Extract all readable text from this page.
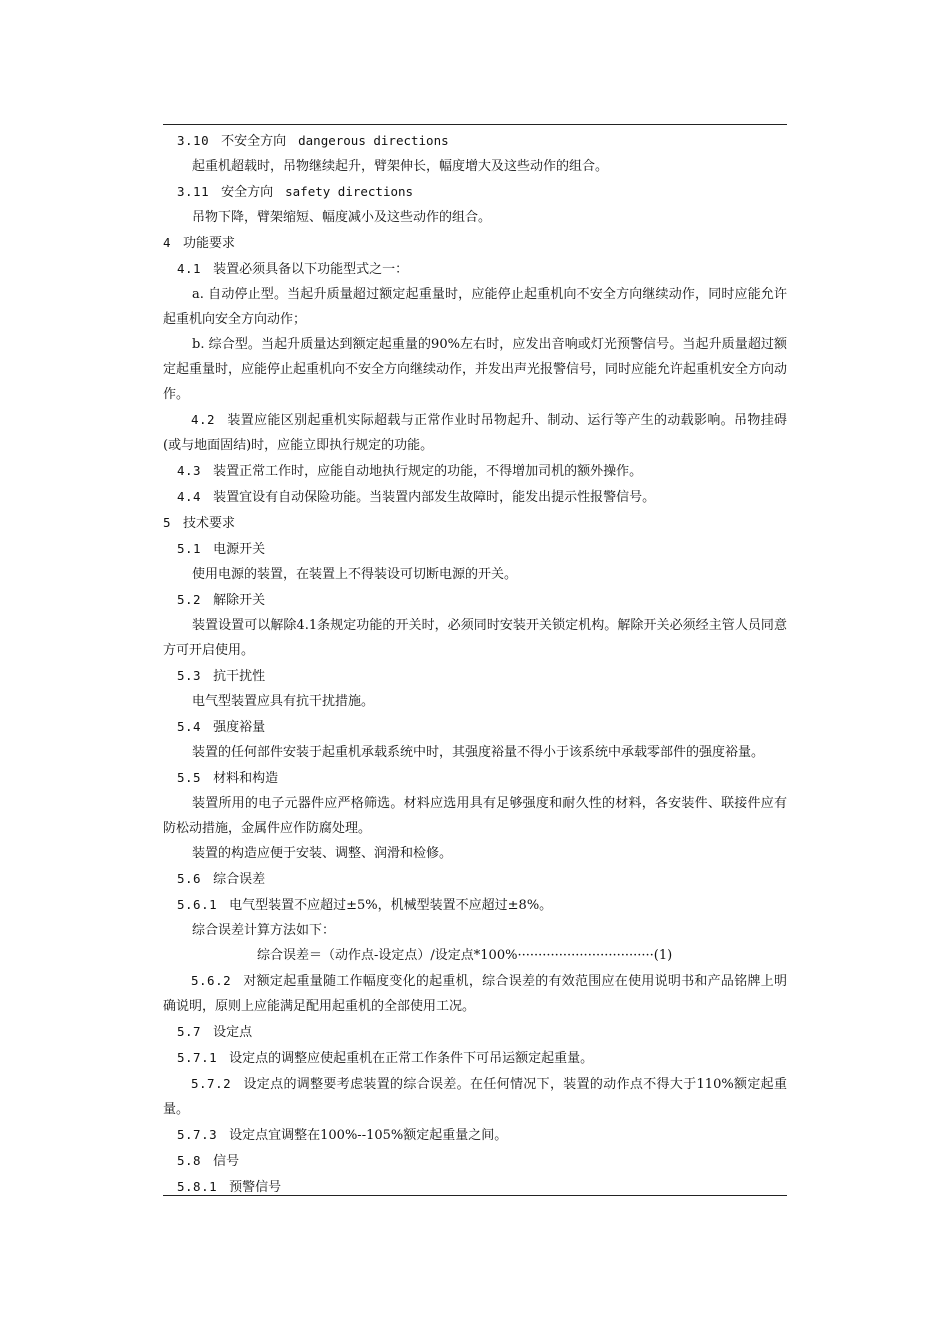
3.10 不安全方向 dangerous directions

起重机超载时，吊物继续起升，臂架伸长，幅度增大及这些动作的组合。

3.11 安全方向 safety directions

吊物下降，臂架缩短、幅度减小及这些动作的组合。

4 功能要求

4.1 装置必须具备以下功能型式之一：

a. 自动停止型。当起升质量超过额定起重量时，应能停止起重机向不安全方向继续动作，同时应能允许起重机向安全方向动作；

b. 综合型。当起升质量达到额定起重量的90%左右时，应发出音响或灯光预警信号。当起升质量超过额定起重量时，应能停止起重机向不安全方向继续动作，并发出声光报警信号，同时应能允许起重机安全方向动作。

4.2 装置应能区别起重机实际超载与正常作业时吊物起升、制动、运行等产生的动载影响。吊物挂碍(或与地面固结)时，应能立即执行规定的功能。

4.3 装置正常工作时，应能自动地执行规定的功能，不得增加司机的额外操作。

4.4 装置宜设有自动保险功能。当装置内部发生故障时，能发出提示性报警信号。

5 技术要求

5.1 电源开关

使用电源的装置，在装置上不得装设可切断电源的开关。

5.2 解除开关

装置设置可以解除4.1条规定功能的开关时，必须同时安装开关锁定机构。解除开关必须经主管人员同意方可开启使用。

5.3 抗干扰性

电气型装置应具有抗干扰措施。

5.4 强度裕量

装置的任何部件安装于起重机承载系统中时，其强度裕量不得小于该系统中承载零部件的强度裕量。

5.5 材料和构造

装置所用的电子元器件应严格筛选。材料应选用具有足够强度和耐久性的材料，各安装件、联接件应有防松动措施，金属件应作防腐处理。

装置的构造应便于安装、调整、润滑和检修。

5.6 综合误差

5.6.1 电气型装置不应超过±5%，机械型装置不应超过±8%。

综合误差计算方法如下：

综合误差＝（动作点-设定点）/设定点*100%·································(1)

5.6.2 对额定起重量随工作幅度变化的起重机，综合误差的有效范围应在使用说明书和产品铭牌上明确说明，原则上应能满足配用起重机的全部使用工况。

5.7 设定点

5.7.1 设定点的调整应使起重机在正常工作条件下可吊运额定起重量。

5.7.2 设定点的调整要考虑装置的综合误差。在任何情况下，装置的动作点不得大于110%额定起重量。

5.7.3 设定点宜调整在100%--105%额定起重量之间。

5.8 信号

5.8.1 预警信号
